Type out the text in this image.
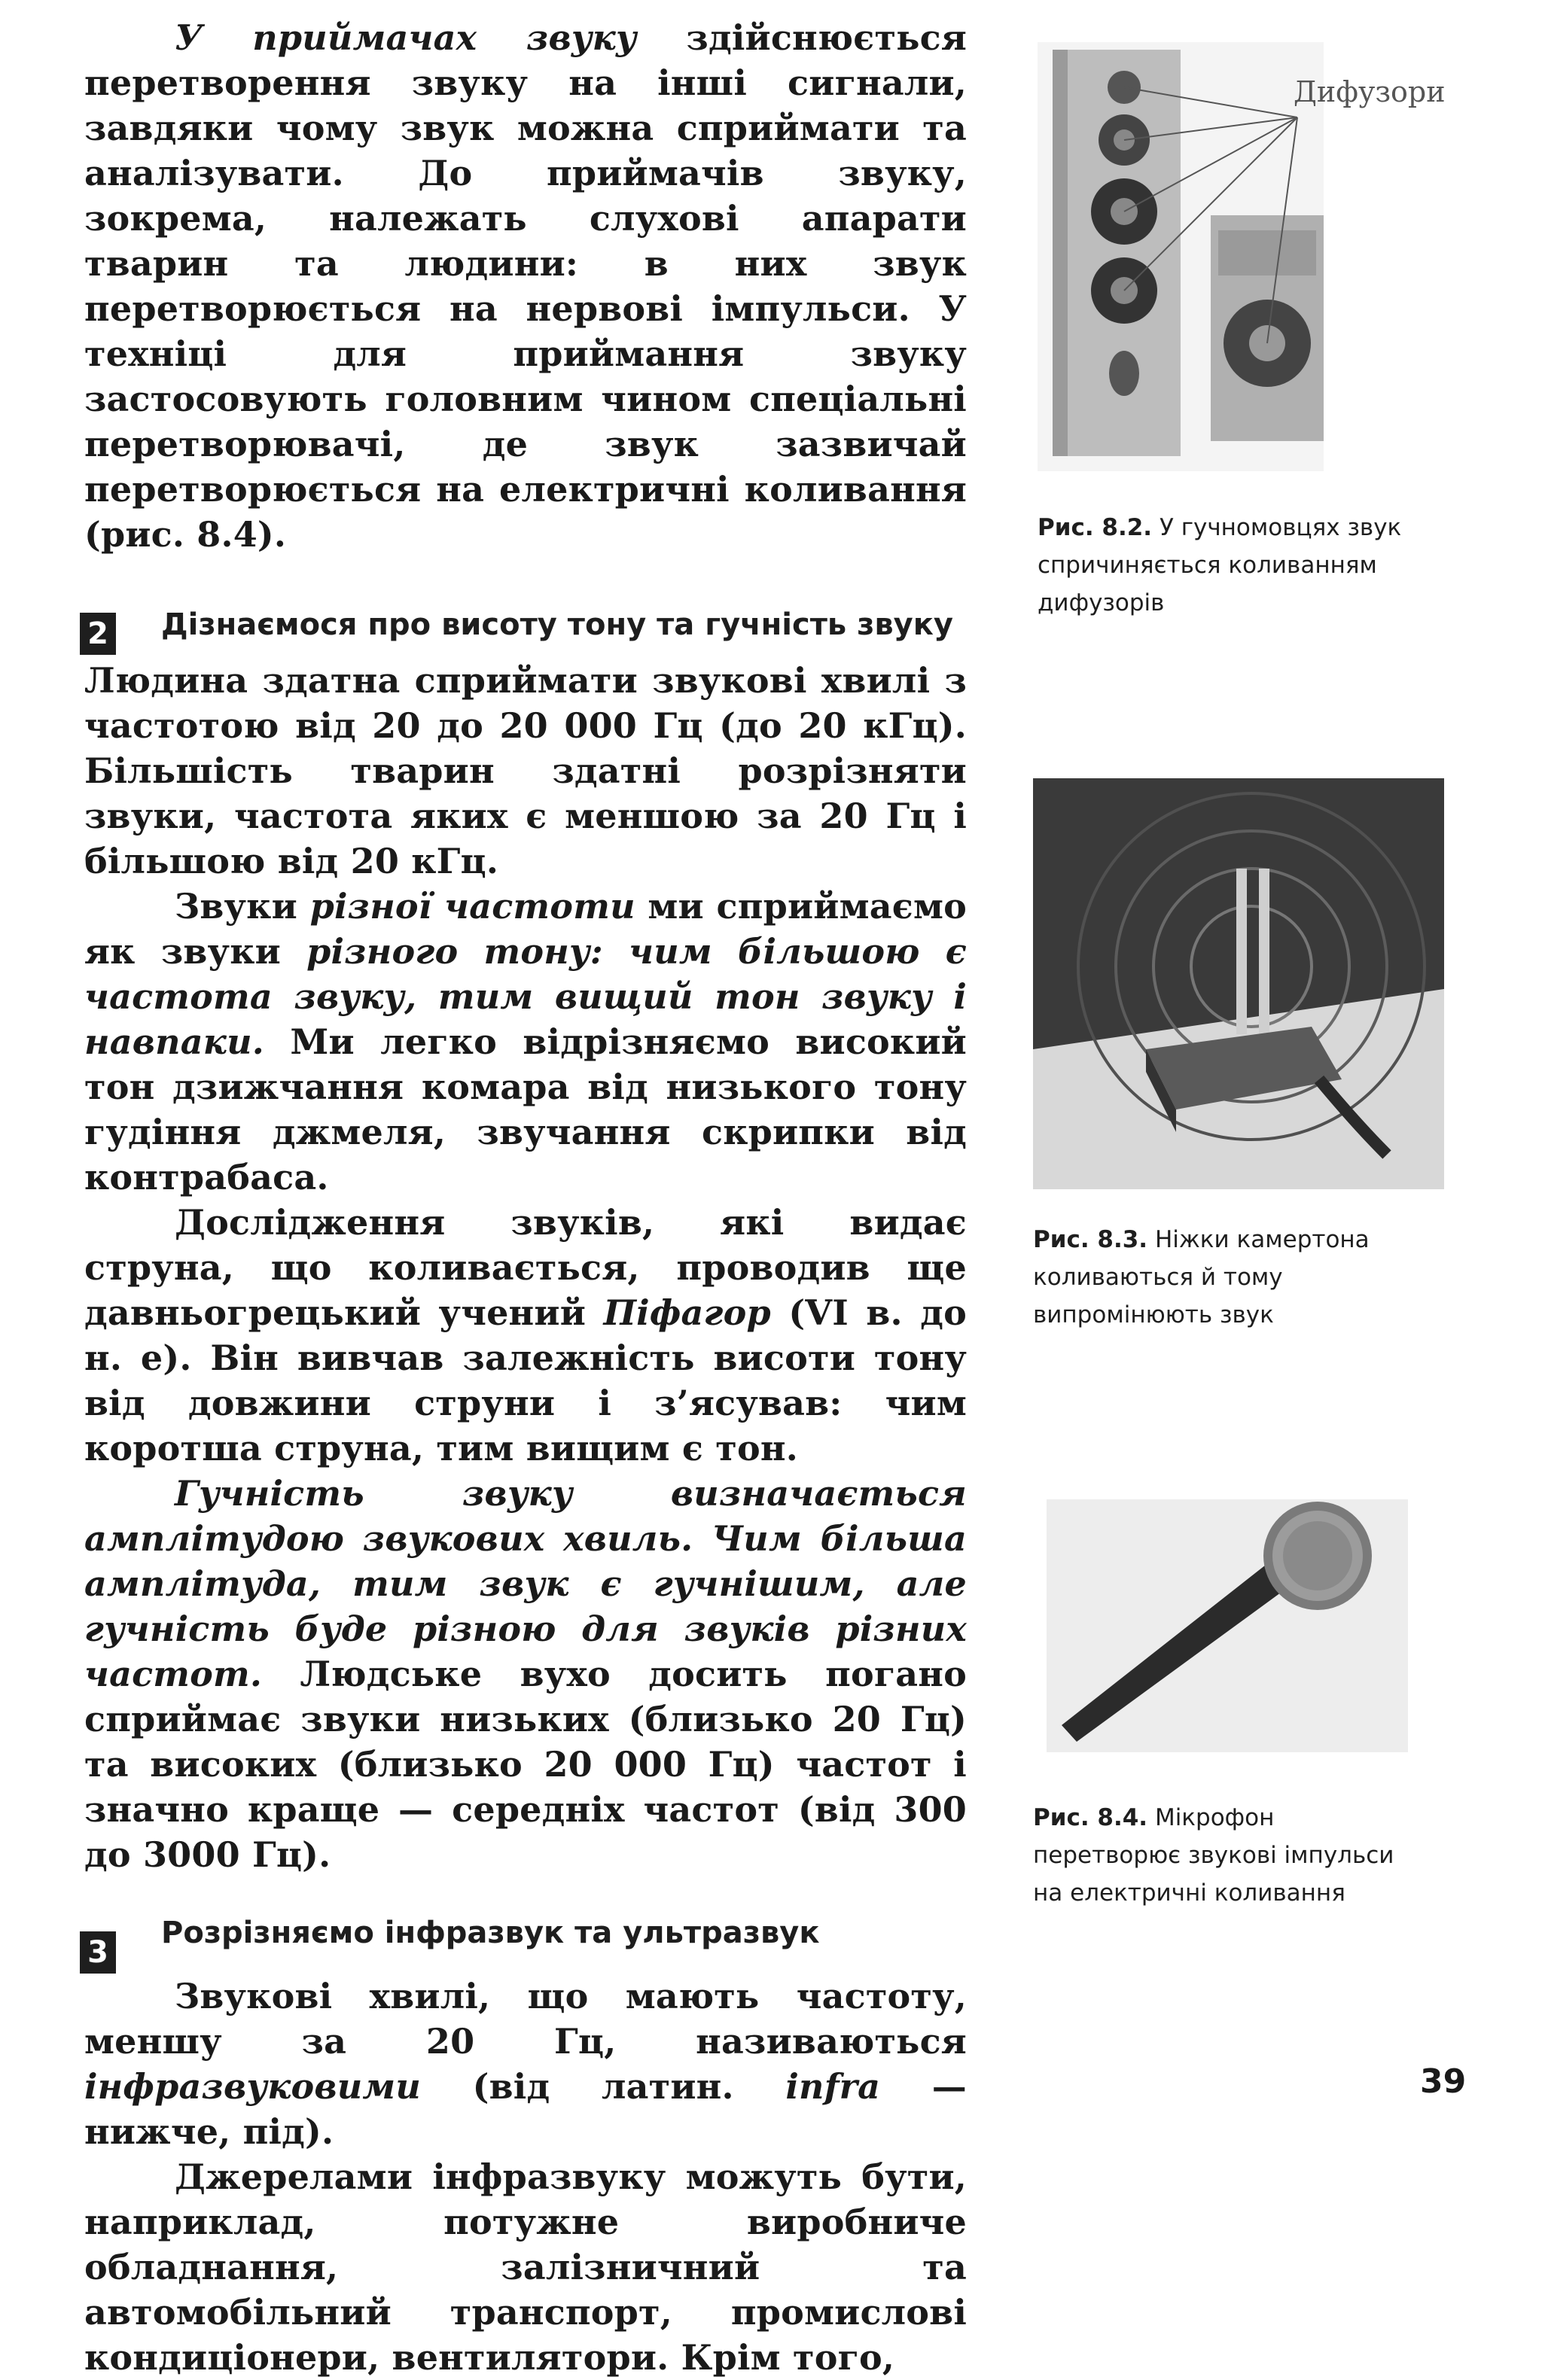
У приймачах звуку здійснюється перетворення звуку на інші сигнали, завдяки чому звук можна сприймати та аналізувати. До приймачів звуку, зокрема, належать слухові апарати тварин та людини: в них звук перетворюється на нервові імпульси. У техніці для приймання звуку застосовують головним чином спеціальні перетворювачі, де звук зазвичай перетворюється на електричні коливання (рис. 8.4).

2 Дізнаємося про висоту тону та гучність звуку

Людина здатна сприймати звукові хвилі з частотою від 20 до 20 000 Гц (до 20 кГц). Більшість тварин здатні розрізняти звуки, частота яких є меншою за 20 Гц і більшою від 20 кГц.

Звуки різної частоти ми сприймаємо як звуки різного тону: чим більшою є частота звуку, тим вищий тон звуку і навпаки. Ми легко відрізняємо високий тон дзижчання комара від низького тону гудіння джмеля, звучання скрипки від контрабаса.

Дослідження звуків, які видає струна, що коливається, проводив ще давньогрецький учений Піфагор (VI в. до н. е). Він вивчав залежність висоти тону від довжини струни і з’ясував: чим коротша струна, тим вищим є тон.

Гучність звуку визначається амплітудою звукових хвиль. Чим більша амплітуда, тим звук є гучнішим, але гучність буде різною для звуків різних частот. Людське вухо досить погано сприймає звуки низьких (близько 20 Гц) та високих (близько 20 000 Гц) частот і значно краще — середніх частот (від 300 до 3000 Гц).

3
Розрізняємо інфразвук та ультразвук

Звукові хвилі, що мають частоту, меншу за 20 Гц, називаються інфразвуковими (від латин. infra — нижче, під).

Джерелами інфразвуку можуть бути, наприклад, потужне виробниче обладнання, залізничний та автомобільний транспорт, промислові кондиціонери, вентилятори. Крім того,

Дифузори
Рис. 8.2. У гучномовцях звук спричиняється коливанням дифузорів
Рис. 8.3. Ніжки камертона коливаються й тому випромінюють звук
Рис. 8.4. Мікрофон перетворює звукові імпульси на електричні коливання
39
